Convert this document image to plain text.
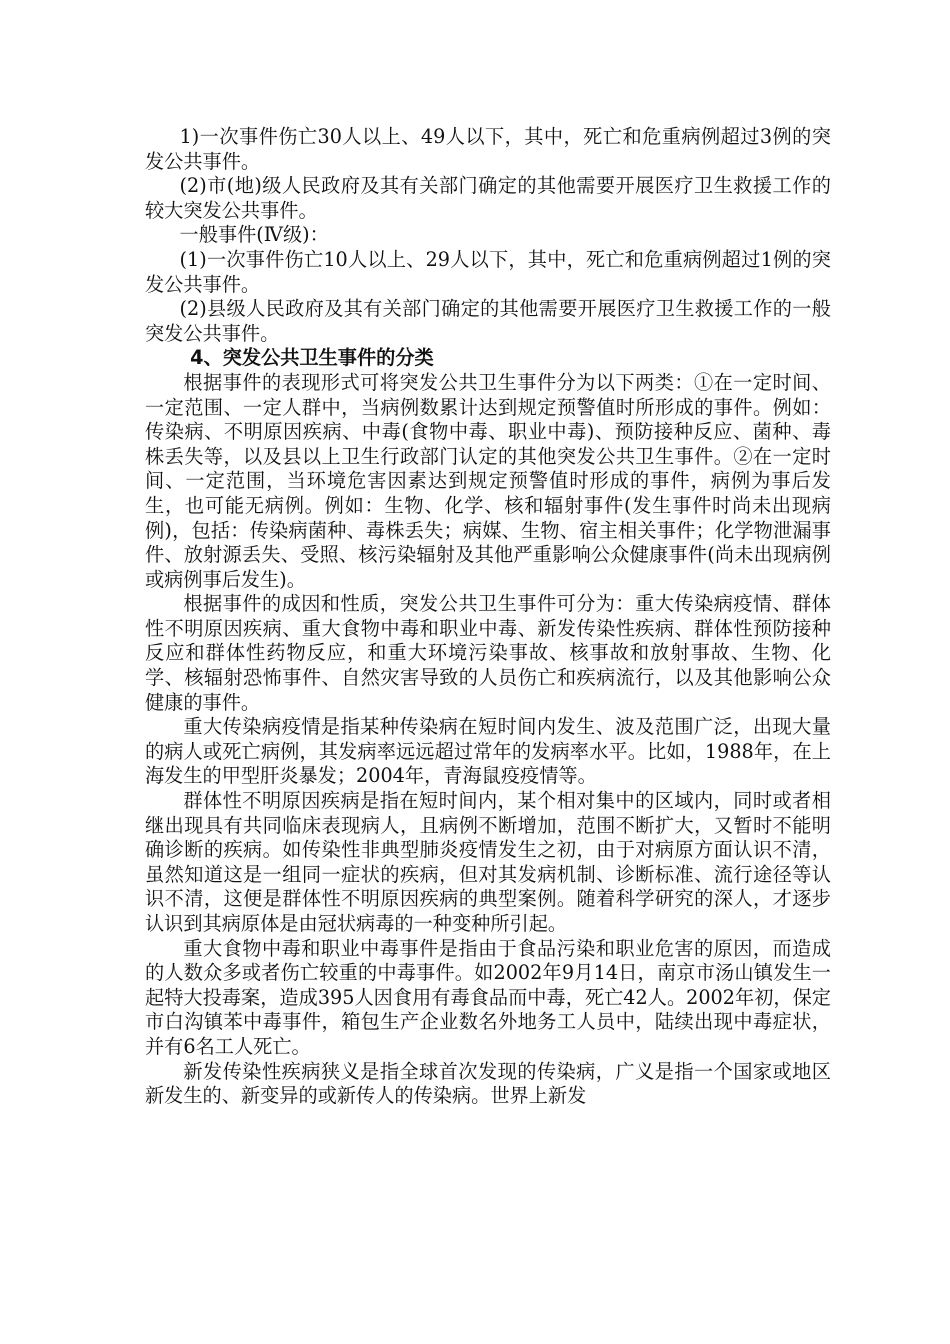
1)一次事件伤亡30人以上、49人以下，其中，死亡和危重病例超过3例的突发公共事件。

(2)市(地)级人民政府及其有关部门确定的其他需要开展医疗卫生救援工作的较大突发公共事件。

一般事件(Ⅳ级)：

(1)一次事件伤亡10人以上、29人以下，其中，死亡和危重病例超过1例的突发公共事件。

(2)县级人民政府及其有关部门确定的其他需要开展医疗卫生救援工作的一般突发公共事件。

4、突发公共卫生事件的分类

根据事件的表现形式可将突发公共卫生事件分为以下两类：①在一定时间、一定范围、一定人群中，当病例数累计达到规定预警值时所形成的事件。例如：传染病、不明原因疾病、中毒(食物中毒、职业中毒)、预防接种反应、菌种、毒株丢失等，以及县以上卫生行政部门认定的其他突发公共卫生事件。②在一定时间、一定范围，当环境危害因素达到规定预警值时形成的事件，病例为事后发生，也可能无病例。例如：生物、化学、核和辐射事件(发生事件时尚未出现病例)，包括：传染病菌种、毒株丢失；病媒、生物、宿主相关事件；化学物泄漏事件、放射源丢失、受照、核污染辐射及其他严重影响公众健康事件(尚未出现病例或病例事后发生)。

根据事件的成因和性质，突发公共卫生事件可分为：重大传染病疫情、群体性不明原因疾病、重大食物中毒和职业中毒、新发传染性疾病、群体性预防接种反应和群体性药物反应，和重大环境污染事故、核事故和放射事故、生物、化学、核辐射恐怖事件、自然灾害导致的人员伤亡和疾病流行，以及其他影响公众健康的事件。

重大传染病疫情是指某种传染病在短时间内发生、波及范围广泛，出现大量的病人或死亡病例，其发病率远远超过常年的发病率水平。比如，1988年，在上海发生的甲型肝炎暴发；2004年，青海鼠疫疫情等。

群体性不明原因疾病是指在短时间内，某个相对集中的区域内，同时或者相继出现具有共同临床表现病人，且病例不断增加，范围不断扩大，又暂时不能明确诊断的疾病。如传染性非典型肺炎疫情发生之初，由于对病原方面认识不清，虽然知道这是一组同一症状的疾病，但对其发病机制、诊断标准、流行途径等认识不清，这便是群体性不明原因疾病的典型案例。随着科学研究的深人，才逐步认识到其病原体是由冠状病毒的一种变种所引起。

重大食物中毒和职业中毒事件是指由于食品污染和职业危害的原因，而造成的人数众多或者伤亡较重的中毒事件。如2002年9月14日，南京市汤山镇发生一起特大投毒案，造成395人因食用有毒食品而中毒，死亡42人。2002年初，保定市白沟镇苯中毒事件，箱包生产企业数名外地务工人员中，陆续出现中毒症状，并有6名工人死亡。

新发传染性疾病狭义是指全球首次发现的传染病，广义是指一个国家或地区新发生的、新变异的或新传人的传染病。世界上新发
